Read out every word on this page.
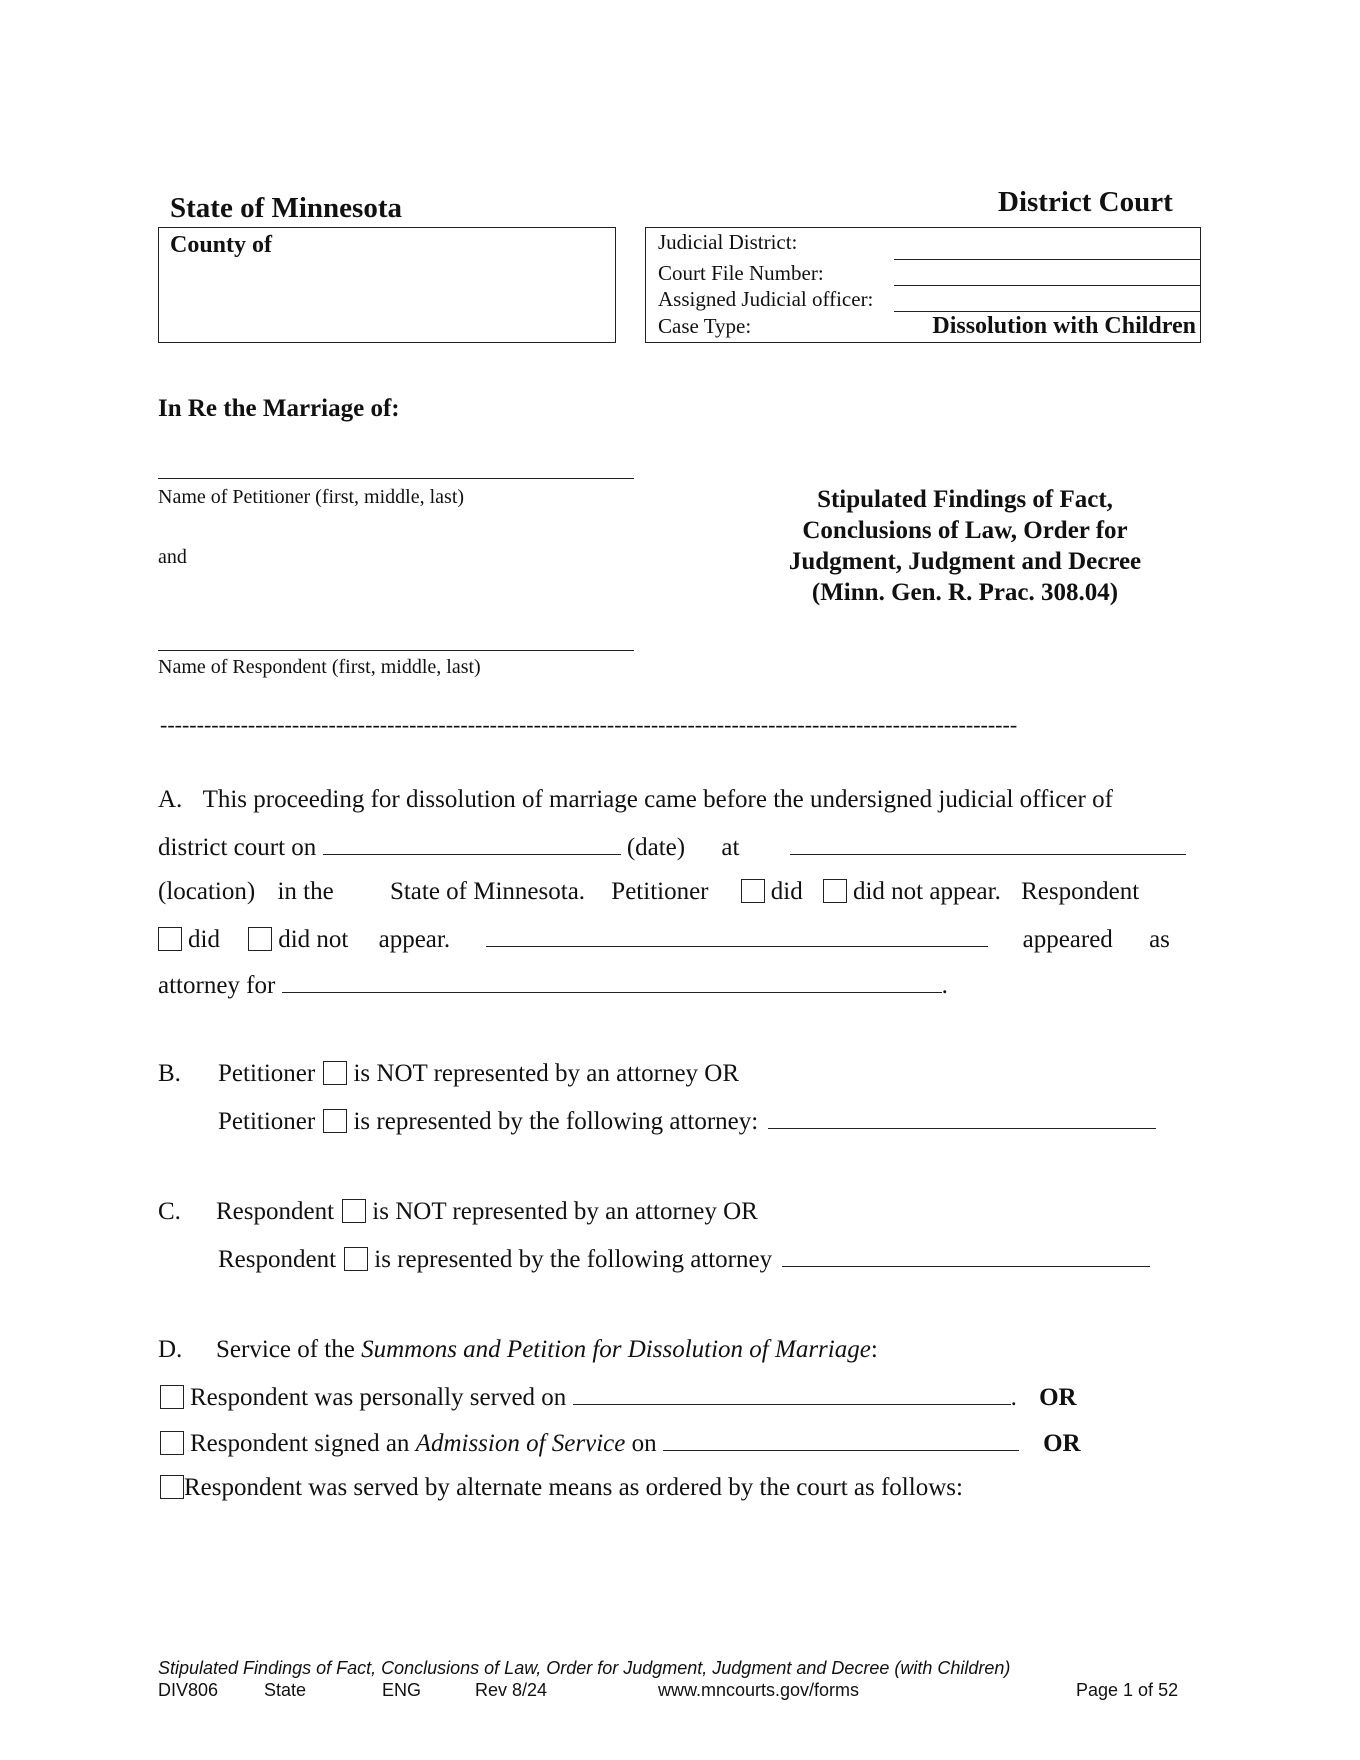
State of Minnesota	District Court
County of	Judicial District:
Court File Number:
Assigned Judicial officer:
Case Type:	Dissolution with Children
In Re the Marriage of:
Name of Petitioner (first, middle, last)
and
Name of Respondent (first, middle, last)
Stipulated Findings of Fact,
Conclusions of Law, Order for
Judgment, Judgment and Decree
(Minn. Gen. R. Prac. 308.04)
---------------------------------------------------------------------------------------------------------------------
A. This proceeding for dissolution of marriage came before the undersigned judicial officer of
district court on	(date) at
(location) in the State of Minnesota. Petitioner did did not appear. Respondent
did did not appear.	appeared as
attorney for	.
B. Petitioner is NOT represented by an attorney OR
Petitioner is represented by the following attorney:
C. Respondent is NOT represented by an attorney OR
Respondent is represented by the following attorney
D. Service of the Summons and Petition for Dissolution of Marriage:
Respondent was personally served on	. OR
Respondent signed an Admission of Service on	OR
Respondent was served by alternate means as ordered by the court as follows:
Stipulated Findings of Fact, Conclusions of Law, Order for Judgment, Judgment and Decree (with Children)
DIV806	State	ENG	Rev 8/24	www.mncourts.gov/forms	Page 1 of 52
